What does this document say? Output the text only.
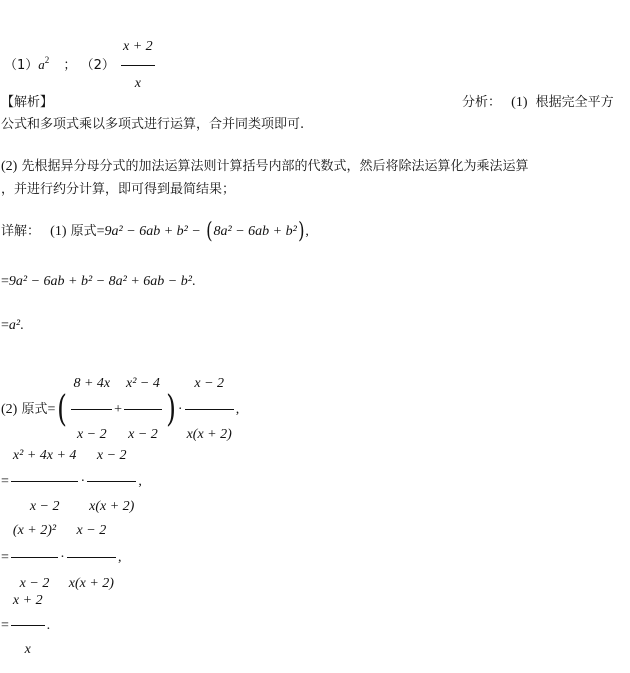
$(1)a^2$ ； $(2) \frac{x + 2}{x}$
【解析】	分析： (1) 根据完全平方
公式和多项式乘以多项式进行运算，合并同类项即可.
(2) 先根据异分母分式的加法运算法则计算括号内部的代数式，然后将除法运算化为乘法运算
，并进行约分计算，即可得到最简结果；
详解： (1) 原式=9a² − 6ab + b² − (8a² − 6ab + b²),
=9a² − 6ab + b² − 8a² + 6ab − b².
=a².
(2) 原式=( $\frac{8 + 4x}{x - 2} + \frac{\text{x² − 4}}{x - 2}$ ) · $\frac{x - 2}{x(x + 2)}$ ,
= $\frac{\text{x² + 4x + 4}}{x - 2} \cdot \frac{x - 2}{x(x + 2)}$ ,
= $\frac{\text{(x + 2)²}}{x - 2} \cdot \frac{x - 2}{x(x + 2)}$ ,
= $\frac{x + 2}{x}$ .
